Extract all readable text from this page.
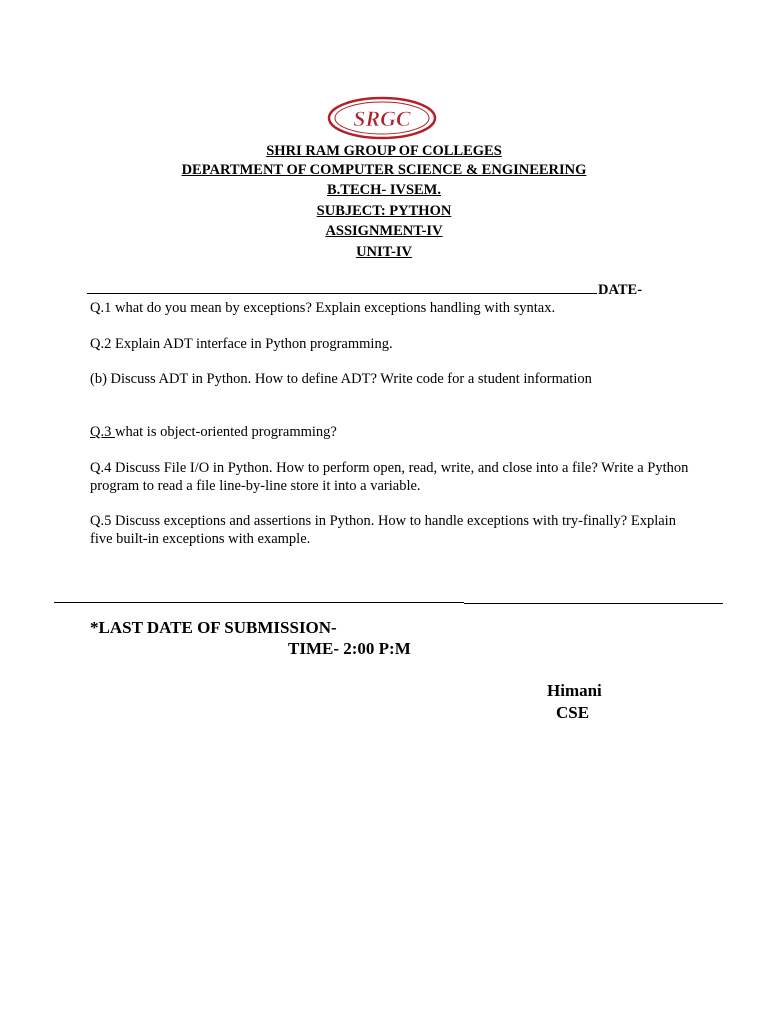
SRGC
SHRI RAM GROUP OF COLLEGES
DEPARTMENT OF COMPUTER SCIENCE & ENGINEERING
B.TECH- IVSEM.
SUBJECT: PYTHON
ASSIGNMENT-IV
UNIT-IV
DATE-
Q.1 what do you mean by exceptions? Explain exceptions handling with syntax.
Q.2 Explain ADT interface in Python programming.
(b) Discuss ADT in Python. How to define ADT? Write code for a student information
Q.3 what is object-oriented programming?
Q.4 Discuss File I/O in Python. How to perform open, read, write, and close into a file? Write a Python program to read a file line-by-line store it into a variable.
Q.5 Discuss exceptions and assertions in Python. How to handle exceptions with try-finally? Explain five built-in exceptions with example.
*LAST DATE OF SUBMISSION-
TIME- 2:00 P:M
Himani
CSE
